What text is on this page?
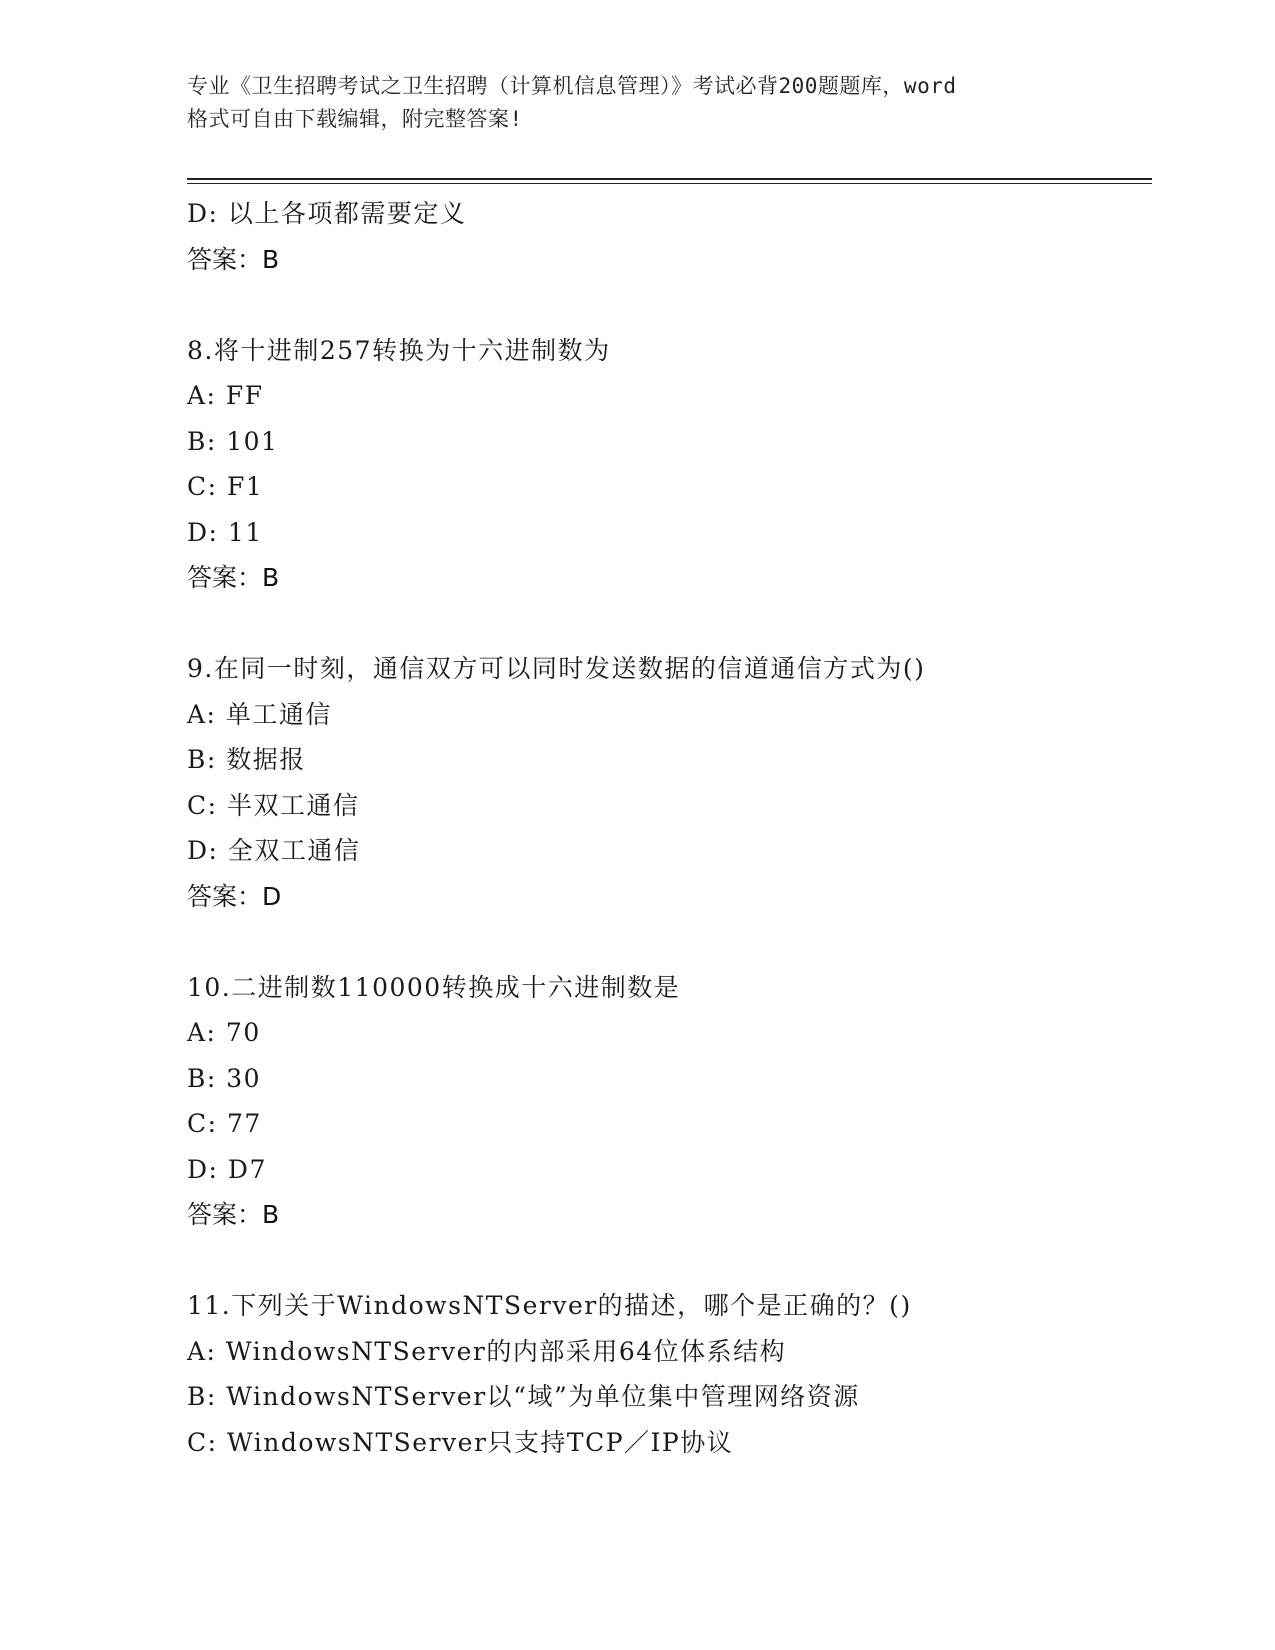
专业《卫生招聘考试之卫生招聘（计算机信息管理）》考试必背200题题库，word
格式可自由下载编辑，附完整答案!
D: 以上各项都需要定义
答案：B
8.将十进制257转换为十六进制数为
A: FF
B: 101
C: F1
D: 11
答案：B
9.在同一时刻，通信双方可以同时发送数据的信道通信方式为()
A: 单工通信
B: 数据报
C: 半双工通信
D: 全双工通信
答案：D
10.二进制数110000转换成十六进制数是
A: 70
B: 30
C: 77
D: D7
答案：B
11.下列关于WindowsNTServer的描述，哪个是正确的？()
A: WindowsNTServer的内部采用64位体系结构
B: WindowsNTServer以“域”为单位集中管理网络资源
C: WindowsNTServer只支持TCP／IP协议
